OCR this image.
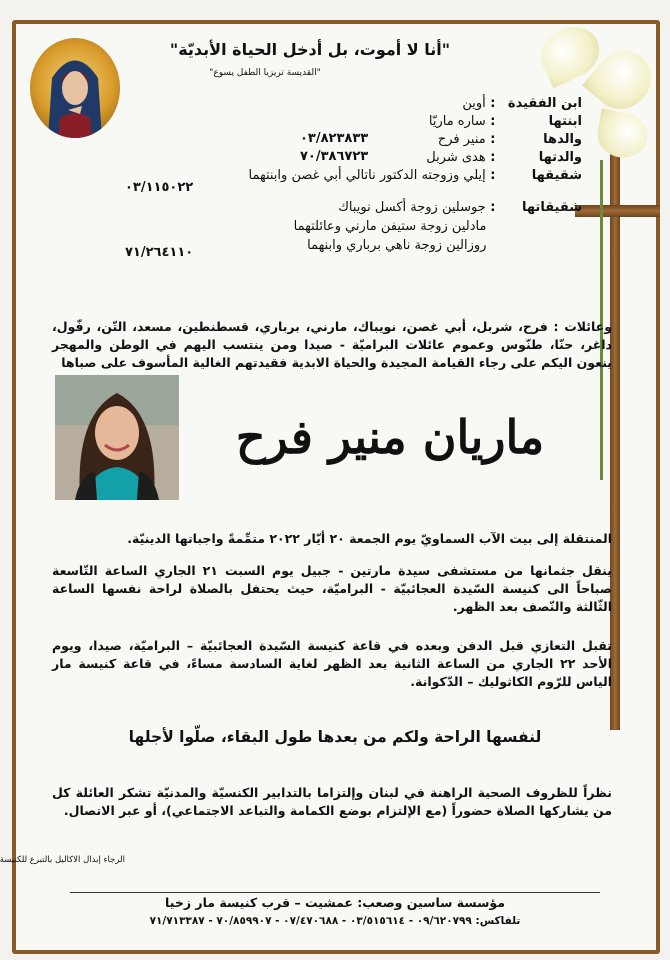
"أنا لا أموت، بل أدخل الحياة الأبديّة"
"القديسة تريزيا الطفل يسوع"
ابن الفقيدة : أوين
ابنتها : ساره ماريّا
والدها : منير فرح
٠٣/٨٢٣٨٣٣
والدتها : هدى شربل
٧٠/٣٨٦٧٢٣
شقيقها : إيلي وزوجته الدكتور ناتالي أبي غصن وابنتهما
٠٣/١١٥٠٢٢
شقيقاتها : جوسلين زوجة أكسل نويباك
مادلين زوجة ستيفن مارني وعائلتهما
روزالين زوجة ناهي برباري وابنهما
٧١/٢٦٤١١٠
وعائلات : فرح، شربل، أبي غصن، نويباك، مارني، برباري، قسطنطين، مسعد، التّن، رفّول، داغر، حنّا، طنّوس وعموم عائلات البراميّة - صيدا ومن ينتسب اليهم في الوطن والمهجر ينعون اليكم على رجاء القيامة المجيدة والحياة الابدية فقيدتهم الغالية المأسوف على صباها
ماريان منير فرح
المنتقلة إلى بيت الآب السماويّ يوم الجمعة ٢٠ أيّار ٢٠٢٢ متمِّمةً واجباتها الدينيّة.
ينقل جثمانها من مستشفى سيدة مارتين - جبيل يوم السبت ٢١ الجاري الساعة التّاسعة صباحاً الى كنيسة السّيدة العجائبيّة - البراميّة، حيث يحتفل بالصلاة لراحة نفسها الساعة الثّالثة والنّصف بعد الظهر.
تقبل التعازي قبل الدفن وبعده في قاعة كنيسة السّيدة العجائبيّة – البراميّة، صيدا، ويوم الأحد ٢٢ الجاري من الساعة الثانية بعد الظهر لغاية السادسة مساءً، في قاعة كنيسة مار الياس للرّوم الكاثوليك – الدّكوانة.
لنفسها الراحة ولكم من بعدها طول البقاء، صلّوا لأجلها
نظراً للظروف الصحية الراهنة في لبنان وإلتزاما بالتدابير الكنسيّة والمدنيّة تشكر العائلة كل من يشاركها الصلاة حضوراً (مع الإلتزام بوضع الكمامة والتباعد الاجتماعي)، أو عبر الاتصال.
الرجاء إبدال الاكاليل بالتبرع للكنيسة
مؤسسة ساسين وصعب: عمشيت – قرب كنيسة مار زخيا
تلفاكس: ٠٩/٦٢٠٧٩٩ - ٠٣/٥١٥٦١٤ - ٠٧/٤٧٠٦٨٨ - ٧٠/٨٥٩٩٠٧ - ٧١/٧١٣٣٨٧
